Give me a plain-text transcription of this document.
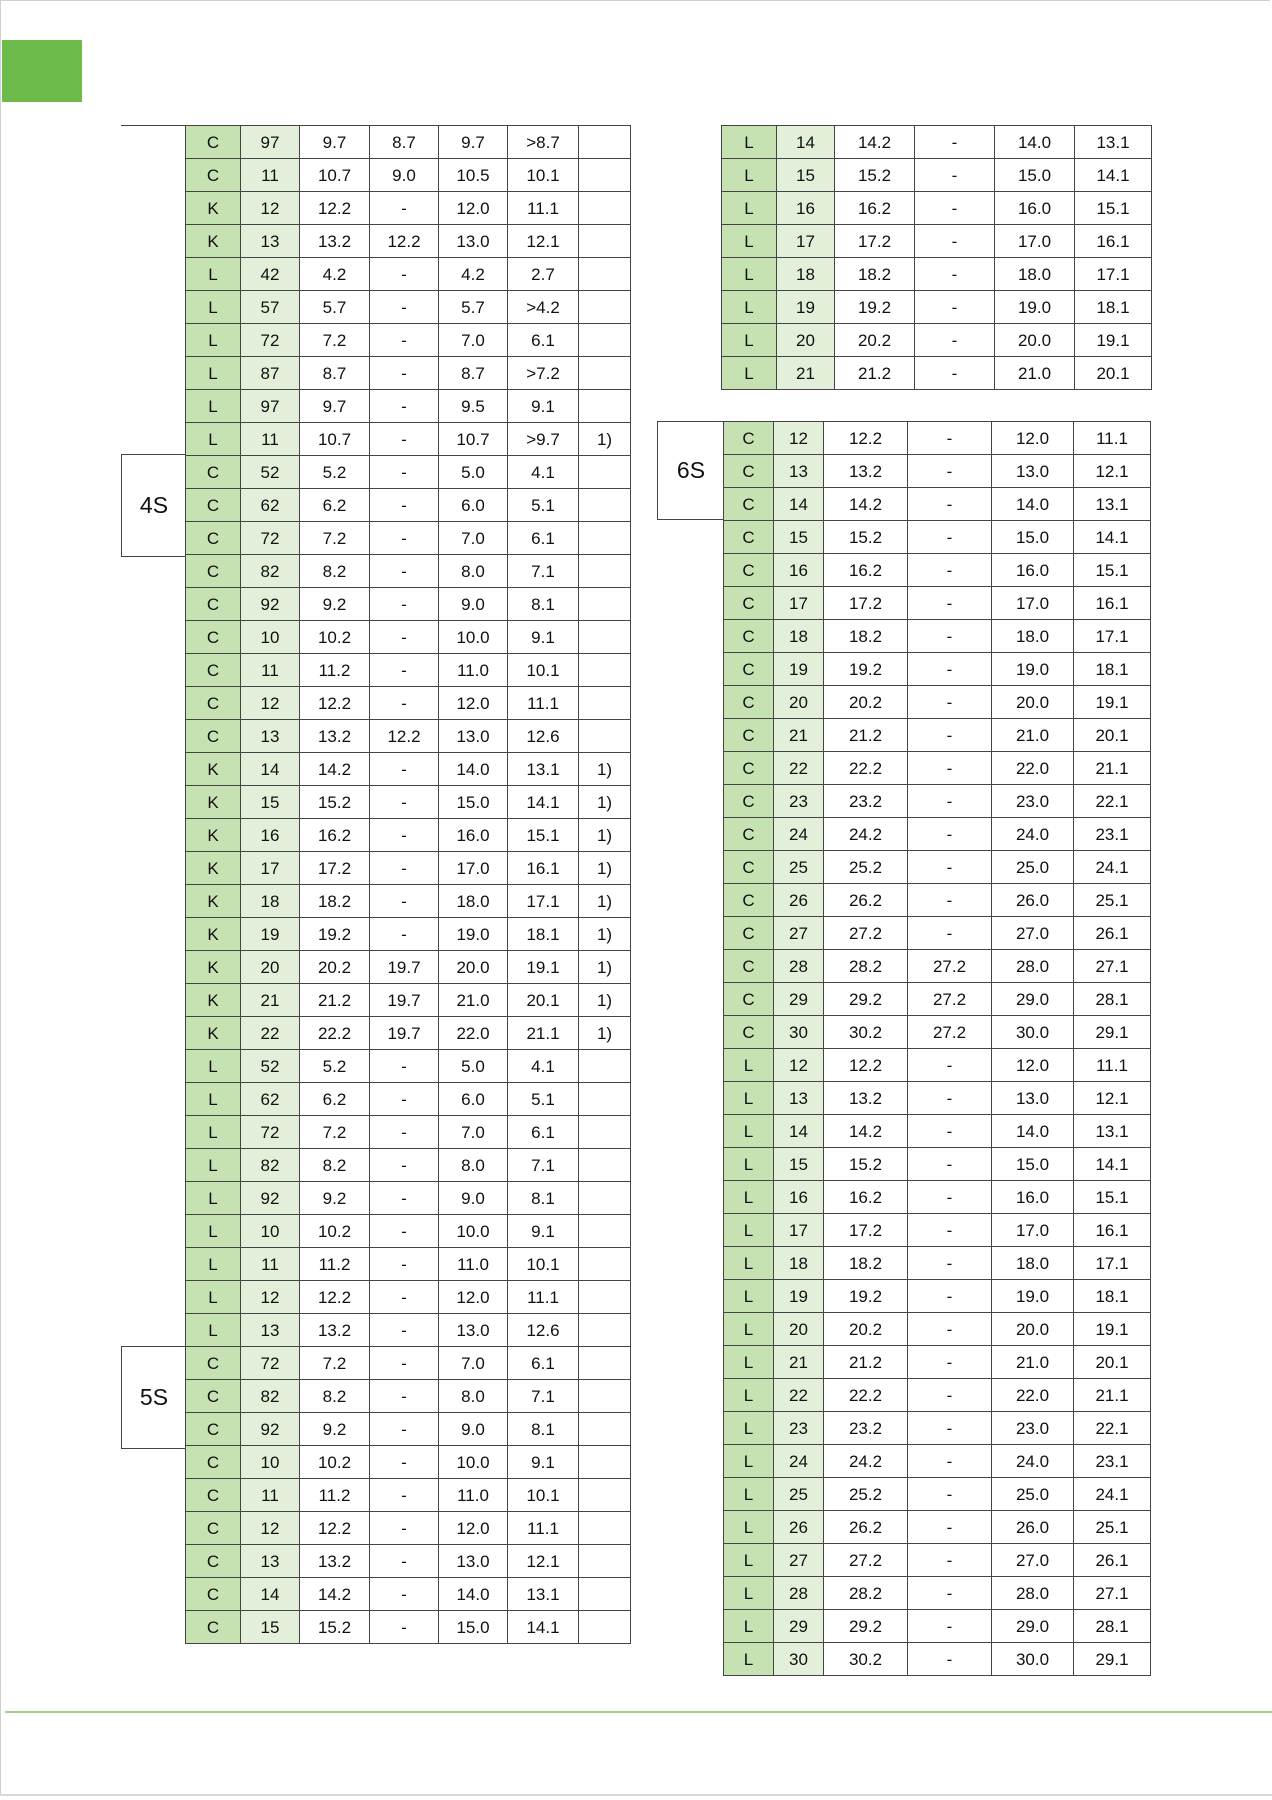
4S
5S
6S
C	97	9.7	8.7	9.7	>8.7	
C	11	10.7	9.0	10.5	10.1	
K	12	12.2	-	12.0	11.1	
K	13	13.2	12.2	13.0	12.1	
L	42	4.2	-	4.2	2.7	
L	57	5.7	-	5.7	>4.2	
L	72	7.2	-	7.0	6.1	
L	87	8.7	-	8.7	>7.2	
L	97	9.7	-	9.5	9.1	
L	11	10.7	-	10.7	>9.7	1)
C	52	5.2	-	5.0	4.1	
C	62	6.2	-	6.0	5.1	
C	72	7.2	-	7.0	6.1	
C	82	8.2	-	8.0	7.1	
C	92	9.2	-	9.0	8.1	
C	10	10.2	-	10.0	9.1	
C	11	11.2	-	11.0	10.1	
C	12	12.2	-	12.0	11.1	
C	13	13.2	12.2	13.0	12.6	
K	14	14.2	-	14.0	13.1	1)
K	15	15.2	-	15.0	14.1	1)
K	16	16.2	-	16.0	15.1	1)
K	17	17.2	-	17.0	16.1	1)
K	18	18.2	-	18.0	17.1	1)
K	19	19.2	-	19.0	18.1	1)
K	20	20.2	19.7	20.0	19.1	1)
K	21	21.2	19.7	21.0	20.1	1)
K	22	22.2	19.7	22.0	21.1	1)
L	52	5.2	-	5.0	4.1	
L	62	6.2	-	6.0	5.1	
L	72	7.2	-	7.0	6.1	
L	82	8.2	-	8.0	7.1	
L	92	9.2	-	9.0	8.1	
L	10	10.2	-	10.0	9.1	
L	11	11.2	-	11.0	10.1	
L	12	12.2	-	12.0	11.1	
L	13	13.2	-	13.0	12.6	
C	72	7.2	-	7.0	6.1	
C	82	8.2	-	8.0	7.1	
C	92	9.2	-	9.0	8.1	
C	10	10.2	-	10.0	9.1	
C	11	11.2	-	11.0	10.1	
C	12	12.2	-	12.0	11.1	
C	13	13.2	-	13.0	12.1	
C	14	14.2	-	14.0	13.1	
C	15	15.2	-	15.0	14.1	
L	14	14.2	-	14.0	13.1
L	15	15.2	-	15.0	14.1
L	16	16.2	-	16.0	15.1
L	17	17.2	-	17.0	16.1
L	18	18.2	-	18.0	17.1
L	19	19.2	-	19.0	18.1
L	20	20.2	-	20.0	19.1
L	21	21.2	-	21.0	20.1
C	12	12.2	-	12.0	11.1
C	13	13.2	-	13.0	12.1
C	14	14.2	-	14.0	13.1
C	15	15.2	-	15.0	14.1
C	16	16.2	-	16.0	15.1
C	17	17.2	-	17.0	16.1
C	18	18.2	-	18.0	17.1
C	19	19.2	-	19.0	18.1
C	20	20.2	-	20.0	19.1
C	21	21.2	-	21.0	20.1
C	22	22.2	-	22.0	21.1
C	23	23.2	-	23.0	22.1
C	24	24.2	-	24.0	23.1
C	25	25.2	-	25.0	24.1
C	26	26.2	-	26.0	25.1
C	27	27.2	-	27.0	26.1
C	28	28.2	27.2	28.0	27.1
C	29	29.2	27.2	29.0	28.1
C	30	30.2	27.2	30.0	29.1
L	12	12.2	-	12.0	11.1
L	13	13.2	-	13.0	12.1
L	14	14.2	-	14.0	13.1
L	15	15.2	-	15.0	14.1
L	16	16.2	-	16.0	15.1
L	17	17.2	-	17.0	16.1
L	18	18.2	-	18.0	17.1
L	19	19.2	-	19.0	18.1
L	20	20.2	-	20.0	19.1
L	21	21.2	-	21.0	20.1
L	22	22.2	-	22.0	21.1
L	23	23.2	-	23.0	22.1
L	24	24.2	-	24.0	23.1
L	25	25.2	-	25.0	24.1
L	26	26.2	-	26.0	25.1
L	27	27.2	-	27.0	26.1
L	28	28.2	-	28.0	27.1
L	29	29.2	-	29.0	28.1
L	30	30.2	-	30.0	29.1
